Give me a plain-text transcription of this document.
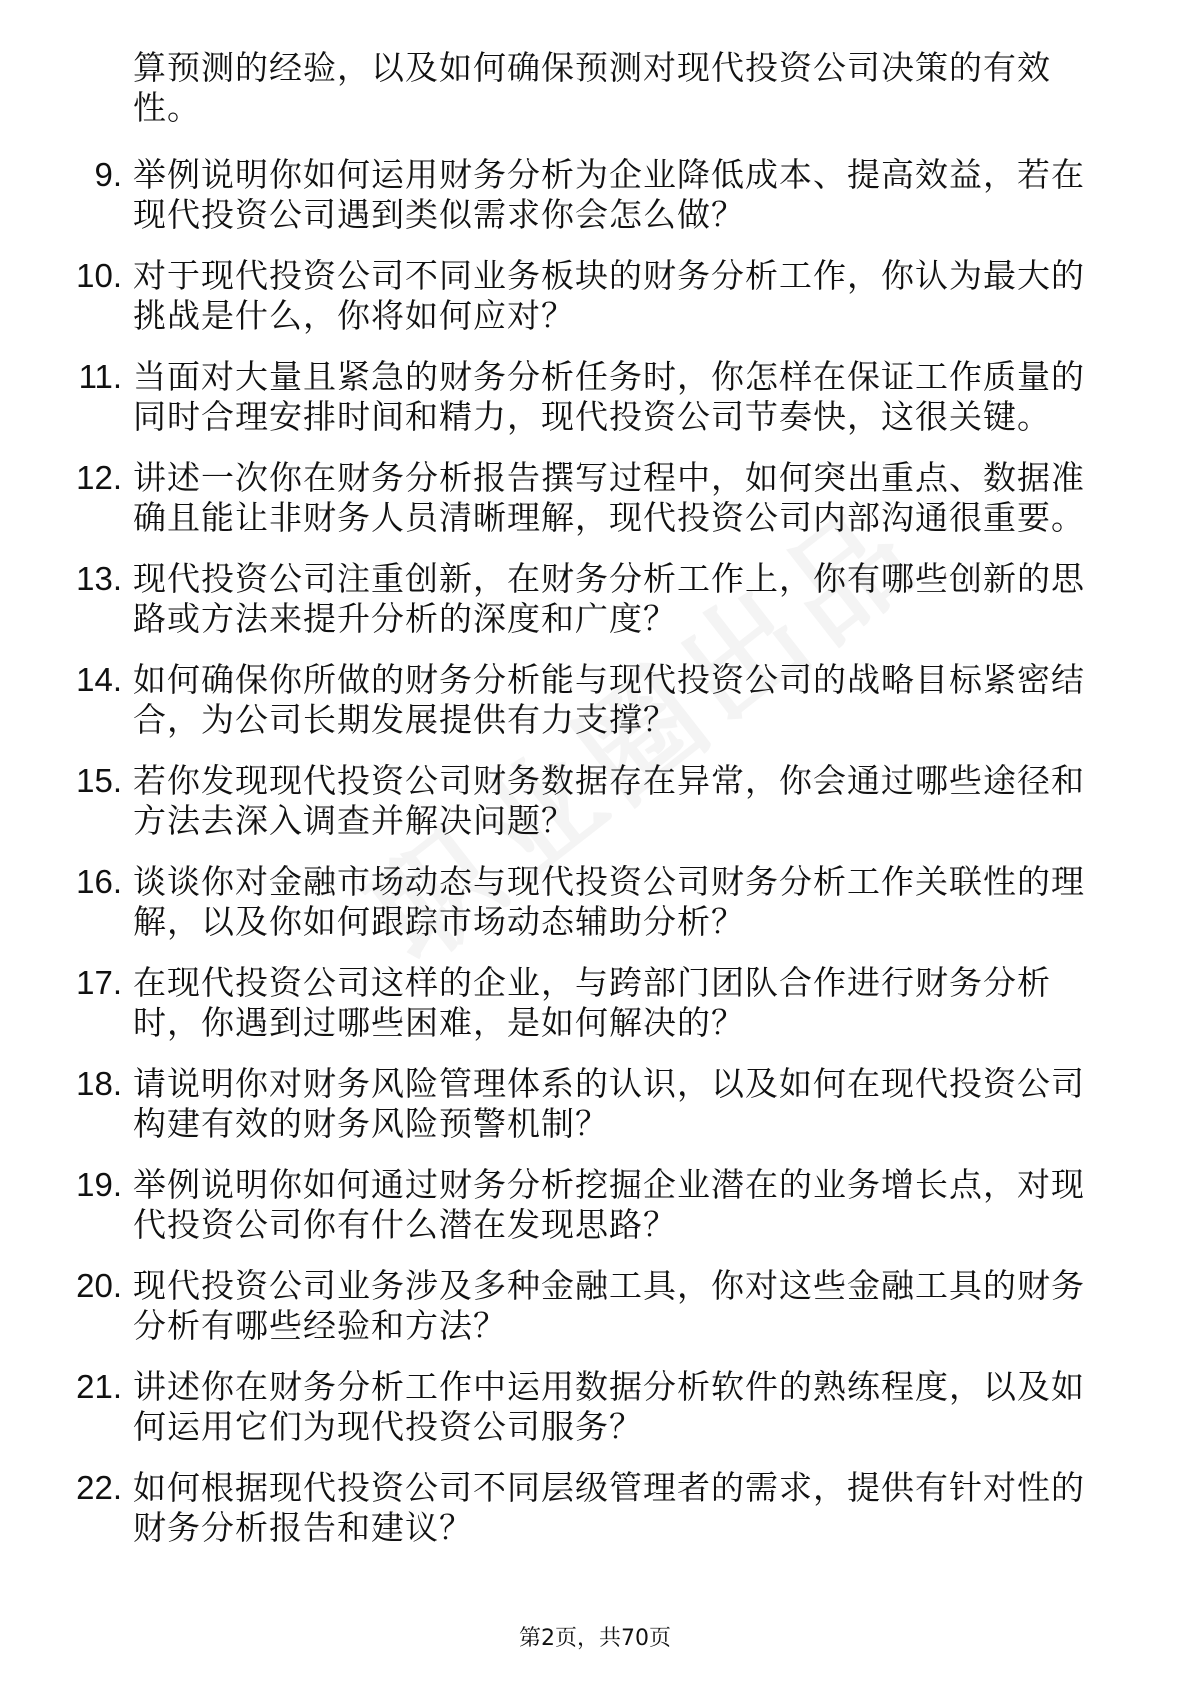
算预测的经验，以及如何确保预测对现代投资公司决策的有效性。
9. 举例说明你如何运用财务分析为企业降低成本、提高效益，若在现代投资公司遇到类似需求你会怎么做？
10. 对于现代投资公司不同业务板块的财务分析工作，你认为最大的挑战是什么，你将如何应对？
11. 当面对大量且紧急的财务分析任务时，你怎样在保证工作质量的同时合理安排时间和精力，现代投资公司节奏快，这很关键。
12. 讲述一次你在财务分析报告撰写过程中，如何突出重点、数据准确且能让非财务人员清晰理解，现代投资公司内部沟通很重要。
13. 现代投资公司注重创新，在财务分析工作上，你有哪些创新的思路或方法来提升分析的深度和广度？
14. 如何确保你所做的财务分析能与现代投资公司的战略目标紧密结合，为公司长期发展提供有力支撑？
15. 若你发现现代投资公司财务数据存在异常，你会通过哪些途径和方法去深入调查并解决问题？
16. 谈谈你对金融市场动态与现代投资公司财务分析工作关联性的理解，以及你如何跟踪市场动态辅助分析？
17. 在现代投资公司这样的企业，与跨部门团队合作进行财务分析时，你遇到过哪些困难，是如何解决的？
18. 请说明你对财务风险管理体系的认识，以及如何在现代投资公司构建有效的财务风险预警机制？
19. 举例说明你如何通过财务分析挖掘企业潜在的业务增长点，对现代投资公司你有什么潜在发现思路？
20. 现代投资公司业务涉及多种金融工具，你对这些金融工具的财务分析有哪些经验和方法？
21. 讲述你在财务分析工作中运用数据分析软件的熟练程度，以及如何运用它们为现代投资公司服务？
22. 如何根据现代投资公司不同层级管理者的需求，提供有针对性的财务分析报告和建议？
第2页，共70页
